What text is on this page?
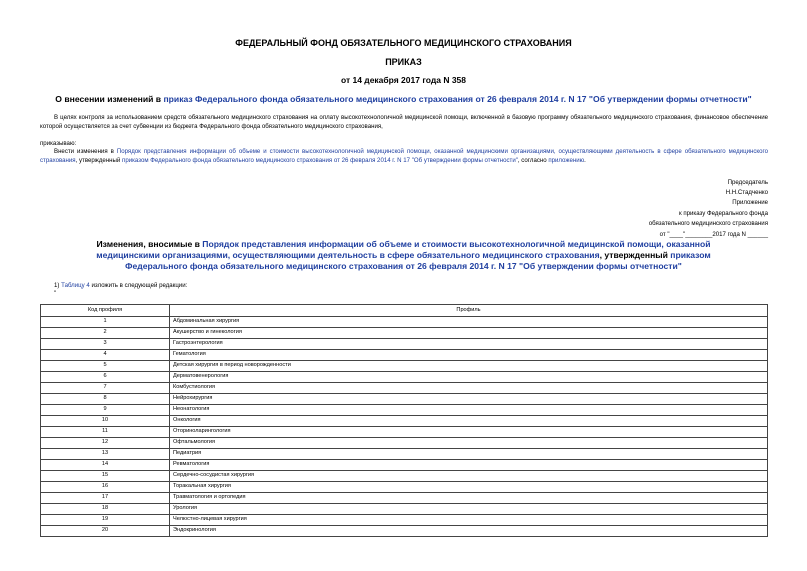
ФЕДЕРАЛЬНЫЙ ФОНД ОБЯЗАТЕЛЬНОГО МЕДИЦИНСКОГО СТРАХОВАНИЯ
ПРИКАЗ
от 14 декабря 2017 года N 358
О внесении изменений в приказ Федерального фонда обязательного медицинского страхования от 26 февраля 2014 г. N 17 "Об утверждении формы отчетности"
В целях контроля за использованием средств обязательного медицинского страхования на оплату высокотехнологичной медицинской помощи, включенной в базовую программу обязательного медицинского страхования, финансовое обеспечение которой осуществляется за счет субвенции из бюджета Федерального фонда обязательного медицинского страхования,
приказываю:
Внести изменения в Порядок представления информации об объеме и стоимости высокотехнологичной медицинской помощи, оказанной медицинскими организациями, осуществляющими деятельность в сфере обязательного медицинского страхования, утвержденный приказом Федерального фонда обязательного медицинского страхования от 26 февраля 2014 г. N 17 "Об утверждении формы отчетности", согласно приложению.
Председатель
Н.Н.Стадченко
Приложение
к приказу Федерального фонда
обязательного медицинского страхования
от "____"________2017 года N ______
Изменения, вносимые в Порядок представления информации об объеме и стоимости высокотехнологичной медицинской помощи, оказанной медицинскими организациями, осуществляющими деятельность в сфере обязательного медицинского страхования, утвержденный приказом Федерального фонда обязательного медицинского страхования от 26 февраля 2014 г. N 17 "Об утверждении формы отчетности"
1) Таблицу 4 изложить в следующей редакции:
"
Код профиля	Профиль
1	Абдоминальная хирургия
2	Акушерство и гинекология
3	Гастроэнтерология
4	Гематология
5	Детская хирургия в период новорожденности
6	Дерматовенерология
7	Комбустиология
8	Нейрохирургия
9	Неонатология
10	Онкология
11	Оториноларингология
12	Офтальмология
13	Педиатрия
14	Ревматология
15	Сердечно-сосудистая хирургия
16	Торакальная хирургия
17	Травматология и ортопедия
18	Урология
19	Челюстно-лицевая хирургия
20	Эндокринология
